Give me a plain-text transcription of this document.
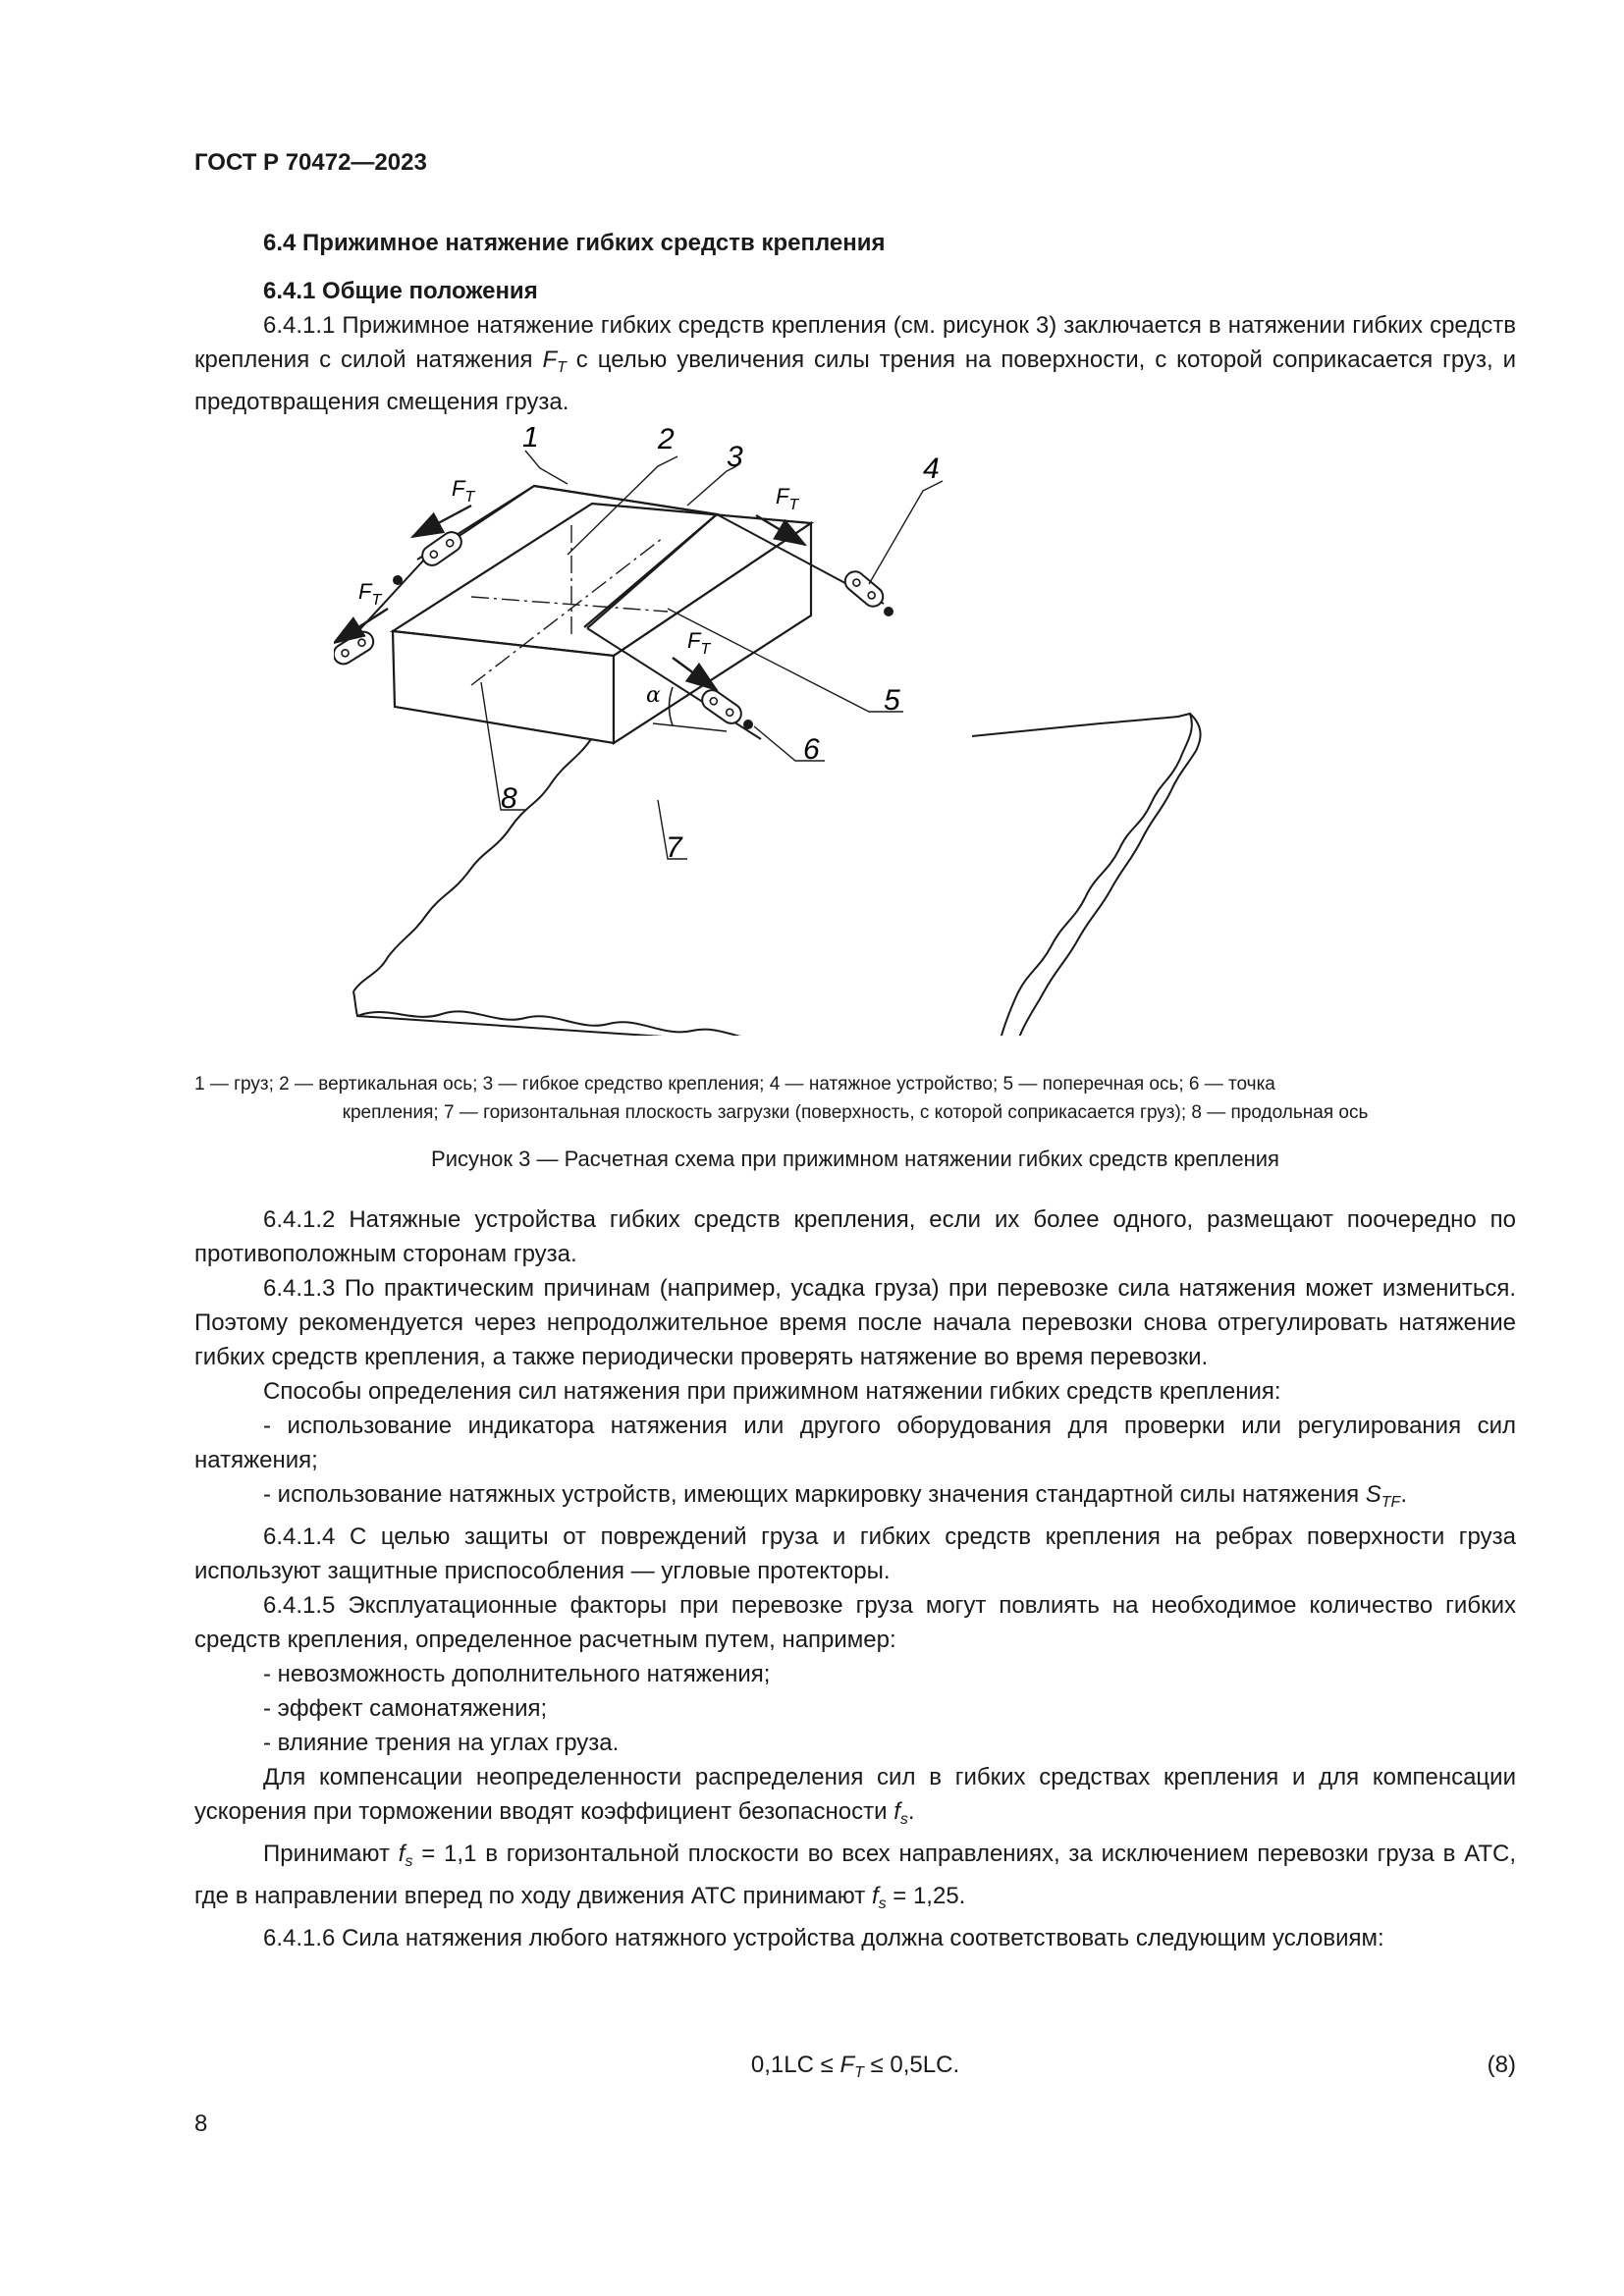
ГОСТ Р 70472—2023

6.4 Прижимное натяжение гибких средств крепления

6.4.1 Общие положения

6.4.1.1 Прижимное натяжение гибких средств крепления (см. рисунок 3) заключается в натяжении гибких средств крепления с силой натяжения $F_T$ с целью увеличения силы трения на поверхности, с которой соприкасается груз, и предотвращения смещения груза.

α
1	2
3	4
5
6
7
8
$F_T$
$F_T$
$F_T$
$F_T$

1 — груз; 2 — вертикальная ось; 3 — гибкое средство крепления; 4 — натяжное устройство; 5 — поперечная ось; 6 — точка

крепления; 7 — горизонтальная плоскость загрузки (поверхность, с которой соприкасается груз); 8 — продольная ось

Рисунок 3 — Расчетная схема при прижимном натяжении гибких средств крепления

6.4.1.2 Натяжные устройства гибких средств крепления, если их более одного, размещают поочередно по противоположным сторонам груза.

6.4.1.3 По практическим причинам (например, усадка груза) при перевозке сила натяжения может измениться. Поэтому рекомендуется через непродолжительное время после начала перевозки снова отрегулировать натяжение гибких средств крепления, а также периодически проверять натяжение во время перевозки.

Способы определения сил натяжения при прижимном натяжении гибких средств крепления:

- использование индикатора натяжения или другого оборудования для проверки или регулирования сил натяжения;

- использование натяжных устройств, имеющих маркировку значения стандартной силы натяжения $S_{TF}$.

6.4.1.4 С целью защиты от повреждений груза и гибких средств крепления на ребрах поверхности груза используют защитные приспособления — угловые протекторы.

6.4.1.5 Эксплуатационные факторы при перевозке груза могут повлиять на необходимое количество гибких средств крепления, определенное расчетным путем, например:

- невозможность дополнительного натяжения;

- эффект самонатяжения;

- влияние трения на углах груза.

Для компенсации неопределенности распределения сил в гибких средствах крепления и для компенсации ускорения при торможении вводят коэффициент безопасности $f_s$.

Принимают $f_s = 1,1$ в горизонтальной плоскости во всех направлениях, за исключением перевозки груза в АТС, где в направлении вперед по ходу движения АТС принимают $f_s = 1,25$.

6.4.1.6 Сила натяжения любого натяжного устройства должна соответствовать следующим условиям:

$0,1LC \le F_T \le 0,5LC$.	(8)
8
